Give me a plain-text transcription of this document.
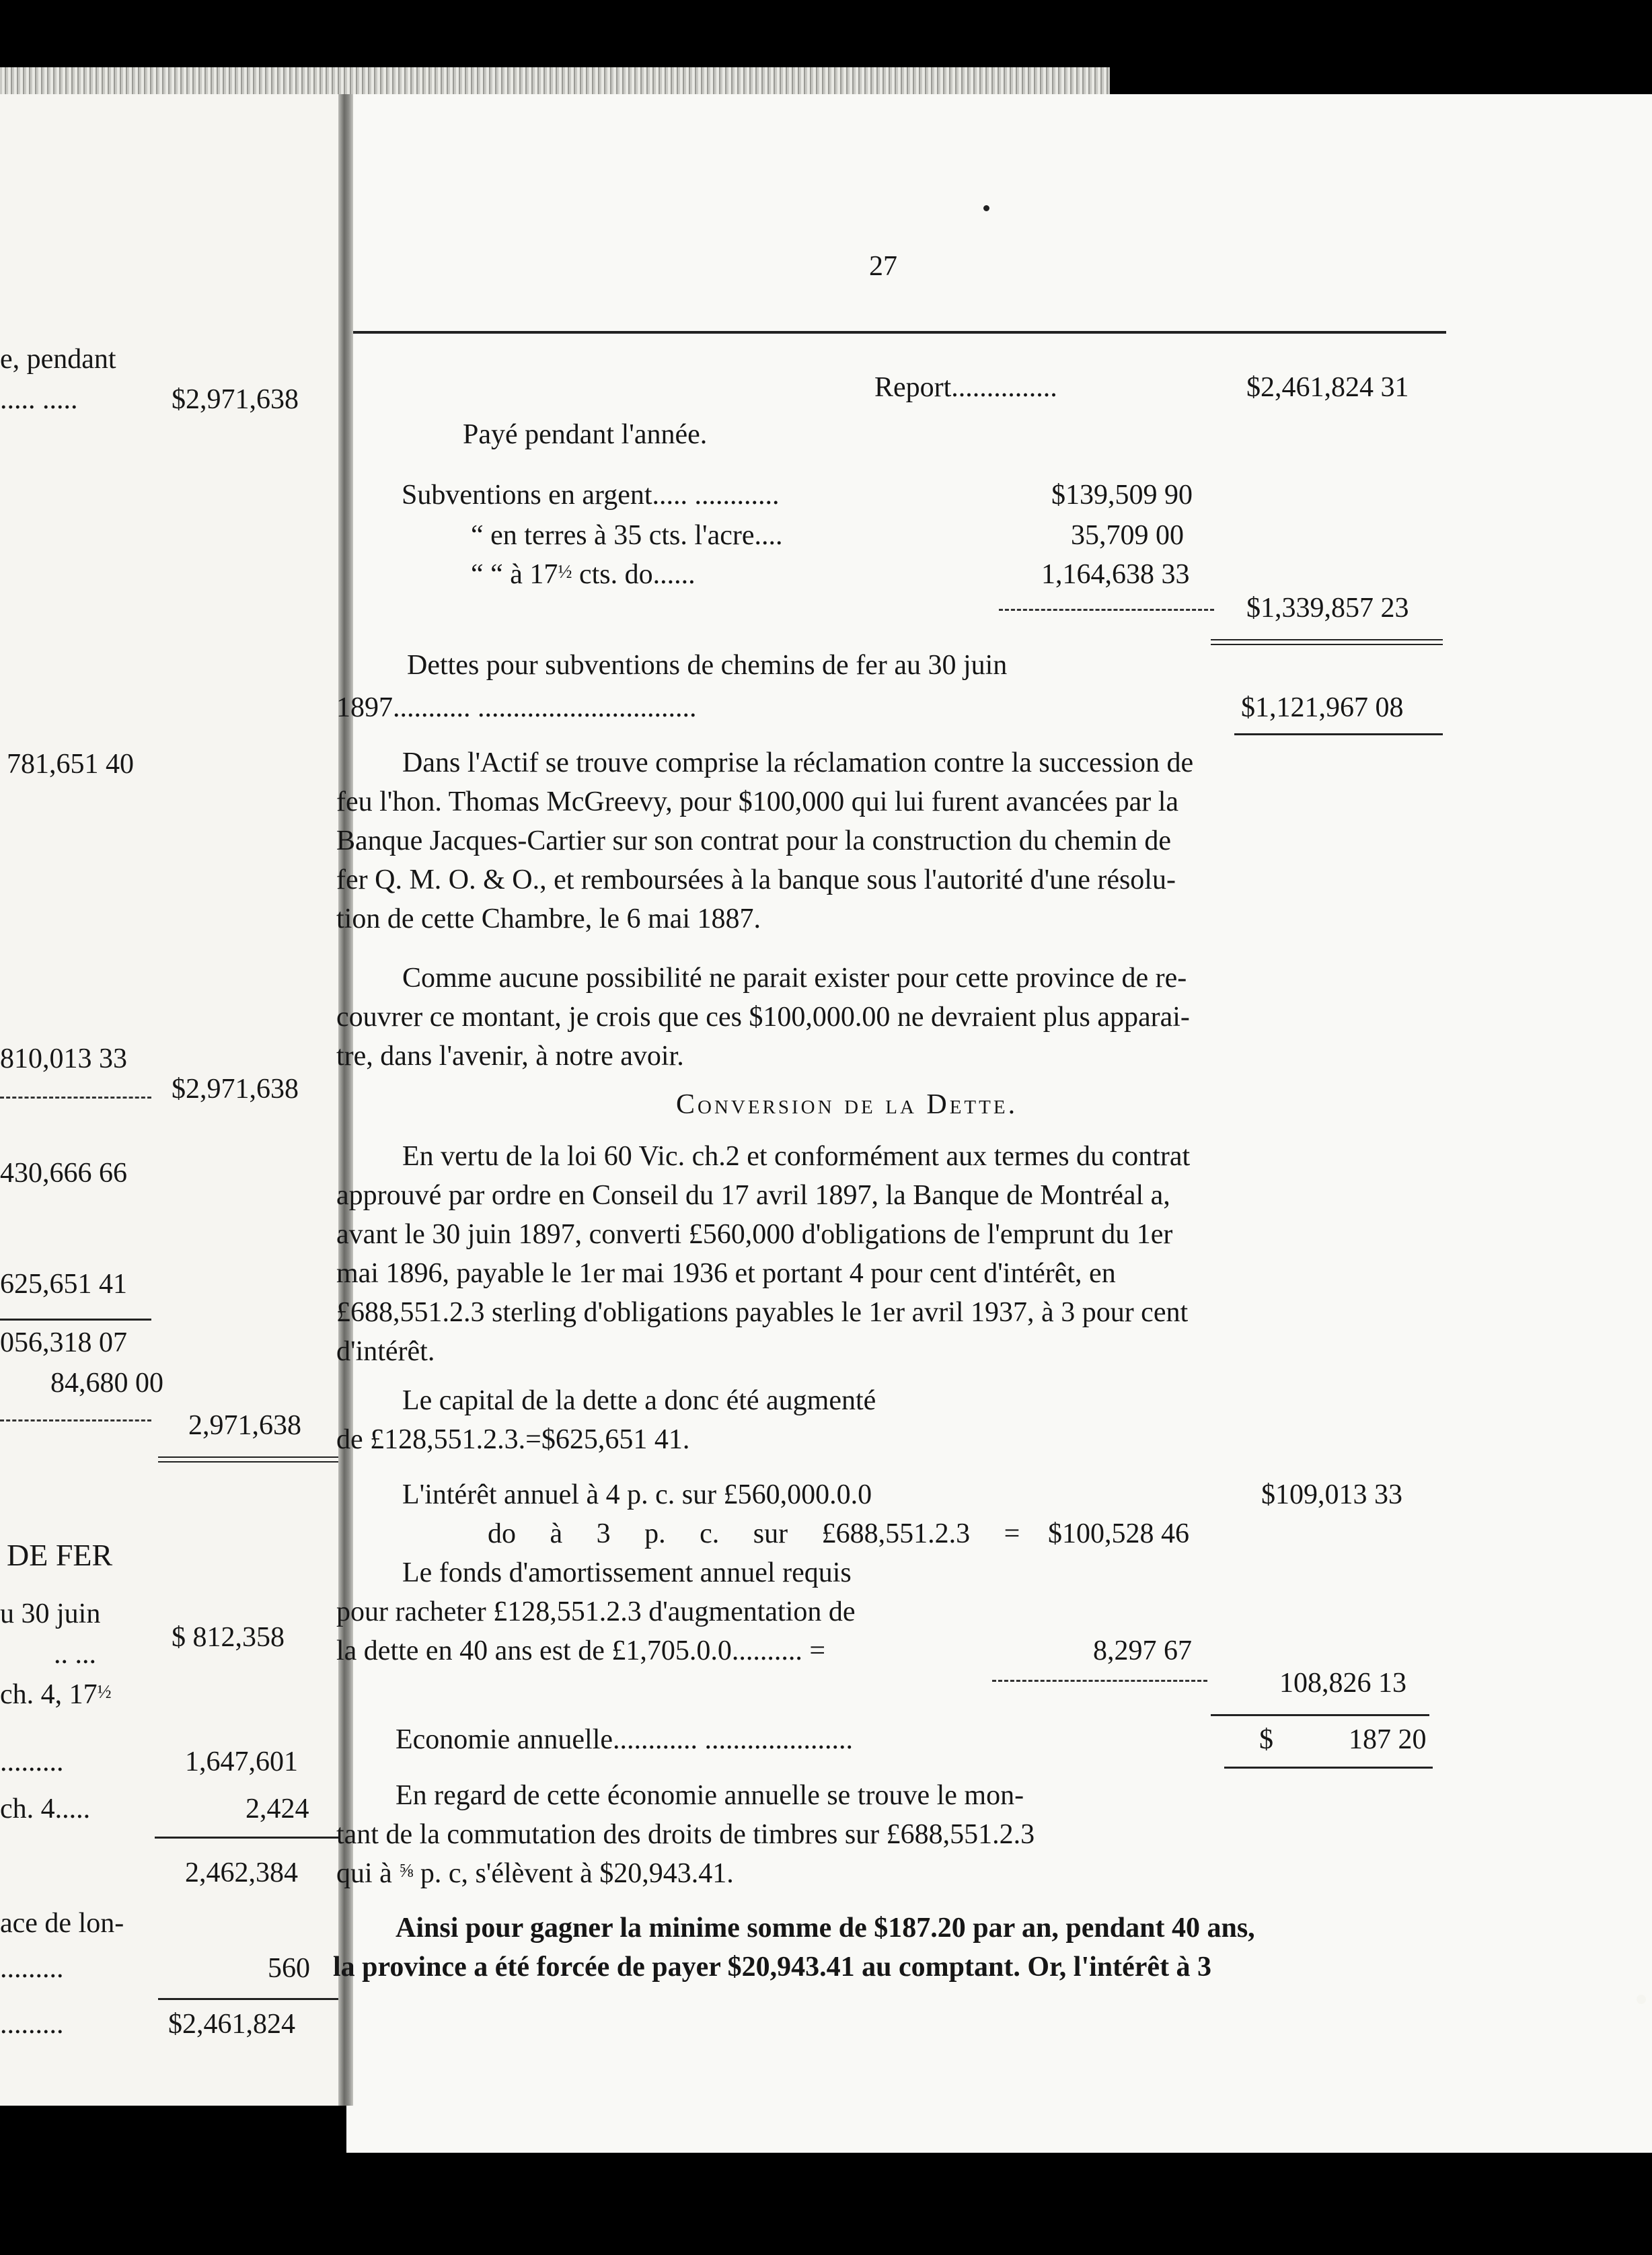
e, pendant
..... .....	$2,971,638
781,651 40
810,013 33
$2,971,638
430,666 66
625,651 41
056,318 07
84,680 00
2,971,638
DE FER
u 30 juin
.. ...
$ 812,358
ch. 4, 17½
.........	1,647,601
ch. 4.....	2,424
2,462,384
ace de lon-
.........	560
.........	$2,461,824
27
Report...............	$2,461,824 31
Payé pendant l'année.
Subventions en argent..... ............	$139,509 90
“ en terres à 35 cts. l'acre....	35,709 00
“ “ à 17½ cts. do......	1,164,638 33
$1,339,857 23
Dettes pour subventions de chemins de fer au 30 juin
1897........... ...............................	$1,121,967 08
Dans l'Actif se trouve comprise la réclamation contre la succession de
feu l'hon. Thomas McGreevy, pour $100,000 qui lui furent avancées par la
Banque Jacques-Cartier sur son contrat pour la construction du chemin de
fer Q. M. O. & O., et remboursées à la banque sous l'autorité d'une résolu-
tion de cette Chambre, le 6 mai 1887.
Comme aucune possibilité ne parait exister pour cette province de re-
couvrer ce montant, je crois que ces $100,000.00 ne devraient plus apparai-
tre, dans l'avenir, à notre avoir.
Conversion de la Dette.
En vertu de la loi 60 Vic. ch.2 et conformément aux termes du contrat
approuvé par ordre en Conseil du 17 avril 1897, la Banque de Montréal a,
avant le 30 juin 1897, converti £560,000 d'obligations de l'emprunt du 1er
mai 1896, payable le 1er mai 1936 et portant 4 pour cent d'intérêt, en
£688,551.2.3 sterling d'obligations payables le 1er avril 1937, à 3 pour cent
d'intérêt.
Le capital de la dette a donc été augmenté
de £128,551.2.3.=$625,651 41.
L'intérêt annuel à 4 p. c. sur £560,000.0.0	$109,013 33
do à 3 p. c. sur £688,551.2.3 = $100,528 46
Le fonds d'amortissement annuel requis
pour racheter £128,551.2.3 d'augmentation de
la dette en 40 ans est de £1,705.0.0.......... =	8,297 67
108,826 13
Economie annuelle............ .....................	$	187 20
En regard de cette économie annuelle se trouve le mon-
tant de la commutation des droits de timbres sur £688,551.2.3
qui à ⅝ p. c, s'élèvent à $20,943.41.
Ainsi pour gagner la minime somme de $187.20 par an, pendant 40 ans,
la province a été forcée de payer $20,943.41 au comptant. Or, l'intérêt à 3
